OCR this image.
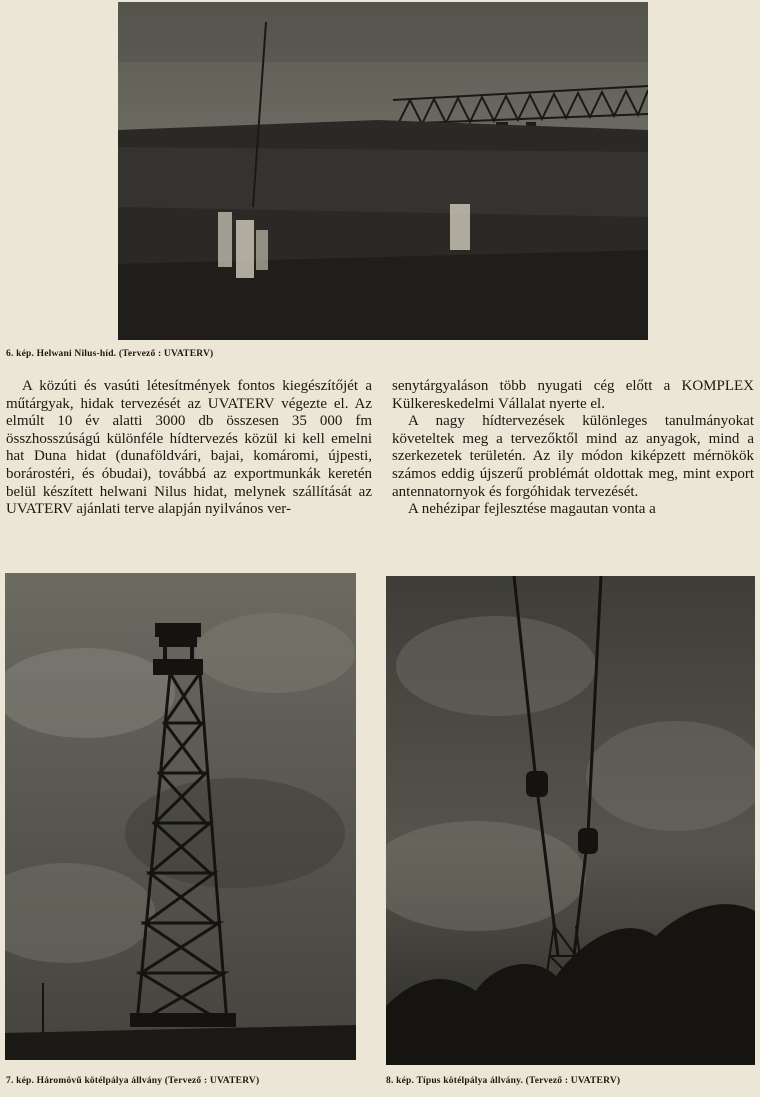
6. kép. Helwani Nilus-híd. (Tervező : UVATERV)

A közúti és vasúti létesítmények fontos kiegészítőjét a műtárgyak, hidak tervezését az UVATERV végezte el. Az elmúlt 10 év alatti 3000 db összesen 35 000 fm összhosszúságú különféle hídtervezés közül ki kell emelni hat Duna hidat (dunaföldvári, bajai, komáromi, újpesti, borárostéri, és óbudai), továbbá az exportmunkák keretén belül készített helwani Nilus hidat, melynek szállítását az UVATERV ajánlati terve alapján nyilvános ver-

senytárgyaláson több nyugati cég előtt a KOMPLEX Külkereskedelmi Vállalat nyerte el.

A nagy hídtervezések különleges tanulmányokat követeltek meg a tervezőktől mind az anyagok, mind a szerkezetek területén. Az ily módon kiképzett mérnökök számos eddig újszerű problémát oldottak meg, mint export antennatornyok és forgóhidak tervezését.

A nehézipar fejlesztése magautan vonta a

7. kép. Háromövű kötélpálya állvány (Tervező : UVATERV)	8. kép. Típus kötélpálya állvány. (Tervező : UVATERV)
